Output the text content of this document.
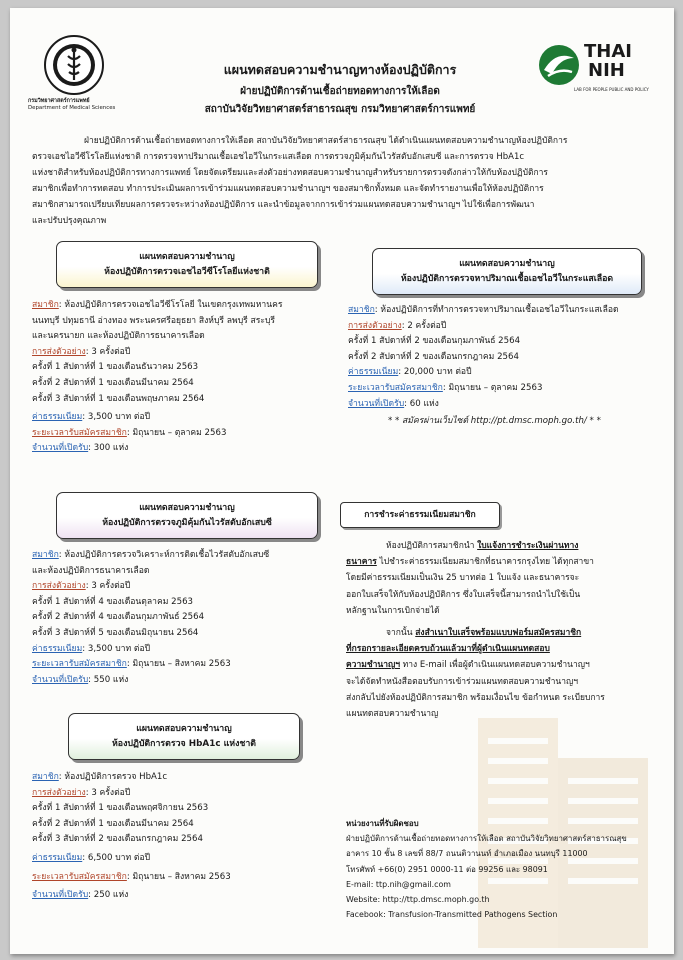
กรมวิทยาศาสตร์การแพทย์
Department of Medical Sciences
แผนทดสอบความชำนาญทางห้องปฏิบัติการ
ฝ่ายปฏิบัติการด้านเชื้อถ่ายทอดทางการให้เลือด
สถาบันวิจัยวิทยาศาสตร์สาธารณสุข กรมวิทยาศาสตร์การแพทย์
THAI
NIH
LAB FOR PEOPLE PUBLIC AND POLICY
ฝ่ายปฏิบัติการด้านเชื้อถ่ายทอดทางการให้เลือด สถาบันวิจัยวิทยาศาสตร์สาธารณสุข ได้ดำเนินแผนทดสอบความชำนาญห้องปฏิบัติการ
ตรวจเอชไอวีซีโรโลยีแห่งชาติ การตรวจหาปริมาณเชื้อเอชไอวีในกระแสเลือด การตรวจภูมิคุ้มกันไวรัสตับอักเสบซี และการตรวจ HbA1c
แห่งชาติสำหรับห้องปฏิบัติการทางการแพทย์ โดยจัดเตรียมและส่งตัวอย่างทดสอบความชำนาญสำหรับรายการตรวจดังกล่าวให้กับห้องปฏิบัติการ
สมาชิกเพื่อทำการทดสอบ ทำการประเมินผลการเข้าร่วมแผนทดสอบความชำนาญฯ ของสมาชิกทั้งหมด และจัดทำรายงานเพื่อให้ห้องปฏิบัติการ
สมาชิกสามารถเปรียบเทียบผลการตรวจระหว่างห้องปฏิบัติการ และนำข้อมูลจากการเข้าร่วมแผนทดสอบความชำนาญฯ ไปใช้เพื่อการพัฒนา
และปรับปรุงคุณภาพ
แผนทดสอบความชำนาญ
ห้องปฏิบัติการตรวจเอชไอวีซีโรโลยีแห่งชาติ
สมาชิก: ห้องปฏิบัติการตรวจเอชไอวีซีโรโลยี ในเขตกรุงเทพมหานคร
นนทบุรี ปทุมธานี อ่างทอง พระนครศรีอยุธยา สิงห์บุรี ลพบุรี สระบุรี
และนครนายก และห้องปฏิบัติการธนาคารเลือด
การส่งตัวอย่าง: 3 ครั้งต่อปี
ครั้งที่ 1 สัปดาห์ที่ 1 ของเดือนธันวาคม 2563
ครั้งที่ 2 สัปดาห์ที่ 1 ของเดือนมีนาคม 2564
ครั้งที่ 3 สัปดาห์ที่ 1 ของเดือนพฤษภาคม 2564
ค่าธรรมเนียม: 3,500 บาท ต่อปี
ระยะเวลารับสมัครสมาชิก: มิถุนายน – ตุลาคม 2563
จำนวนที่เปิดรับ: 300 แห่ง
แผนทดสอบความชำนาญ
ห้องปฏิบัติการตรวจหาปริมาณเชื้อเอชไอวีในกระแสเลือด
สมาชิก: ห้องปฏิบัติการที่ทำการตรวจหาปริมาณเชื้อเอชไอวีในกระแสเลือด
การส่งตัวอย่าง: 2 ครั้งต่อปี
ครั้งที่ 1 สัปดาห์ที่ 2 ของเดือนกุมภาพันธ์ 2564
ครั้งที่ 2 สัปดาห์ที่ 2 ของเดือนกรกฎาคม 2564
ค่าธรรมเนียม: 20,000 บาท ต่อปี
ระยะเวลารับสมัครสมาชิก: มิถุนายน – ตุลาคม 2563
จำนวนที่เปิดรับ: 60 แห่ง
* * สมัครผ่านเว็บไซต์ http://pt.dmsc.moph.go.th/ * *
แผนทดสอบความชำนาญ
ห้องปฏิบัติการตรวจภูมิคุ้มกันไวรัสตับอักเสบซี
สมาชิก: ห้องปฏิบัติการตรวจวิเคราะห์การติดเชื้อไวรัสตับอักเสบซี
และห้องปฏิบัติการธนาคารเลือด
การส่งตัวอย่าง: 3 ครั้งต่อปี
ครั้งที่ 1 สัปดาห์ที่ 4 ของเดือนตุลาคม 2563
ครั้งที่ 2 สัปดาห์ที่ 4 ของเดือนกุมภาพันธ์ 2564
ครั้งที่ 3 สัปดาห์ที่ 5 ของเดือนมิถุนายน 2564
ค่าธรรมเนียม: 3,500 บาท ต่อปี
ระยะเวลารับสมัครสมาชิก: มิถุนายน – สิงหาคม 2563
จำนวนที่เปิดรับ: 550 แห่ง
แผนทดสอบความชำนาญ
ห้องปฏิบัติการตรวจ HbA1c แห่งชาติ
สมาชิก: ห้องปฏิบัติการตรวจ HbA1c
การส่งตัวอย่าง: 3 ครั้งต่อปี
ครั้งที่ 1 สัปดาห์ที่ 1 ของเดือนพฤศจิกายน 2563
ครั้งที่ 2 สัปดาห์ที่ 1 ของเดือนมีนาคม 2564
ครั้งที่ 3 สัปดาห์ที่ 2 ของเดือนกรกฎาคม 2564
ค่าธรรมเนียม: 6,500 บาท ต่อปี
ระยะเวลารับสมัครสมาชิก: มิถุนายน – สิงหาคม 2563
จำนวนที่เปิดรับ: 250 แห่ง
การชำระค่าธรรมเนียมสมาชิก
ห้องปฏิบัติการสมาชิกนำ ใบแจ้งการชำระเงินผ่านทาง
ธนาคาร ไปชำระค่าธรรมเนียมสมาชิกที่ธนาคารกรุงไทย ได้ทุกสาขา
โดยมีค่าธรรมเนียมเป็นเงิน 25 บาทต่อ 1 ใบแจ้ง และธนาคารจะ
ออกใบเสร็จให้กับห้องปฏิบัติการ ซึ่งใบเสร็จนี้สามารถนำไปใช้เป็น
หลักฐานในการเบิกจ่ายได้
จากนั้น ส่งสำเนาใบเสร็จพร้อมแบบฟอร์มสมัครสมาชิก
ที่กรอกรายละเอียดครบถ้วนแล้วมาที่ผู้ดำเนินแผนทดสอบ
ความชำนาญฯ ทาง E-mail เพื่อผู้ดำเนินแผนทดสอบความชำนาญฯ
จะได้จัดทำหนังสือตอบรับการเข้าร่วมแผนทดสอบความชำนาญฯ
ส่งกลับไปยังห้องปฏิบัติการสมาชิก พร้อมเงื่อนไข ข้อกำหนด ระเบียบการ
แผนทดสอบความชำนาญ
หน่วยงานที่รับผิดชอบ
ฝ่ายปฏิบัติการด้านเชื้อถ่ายทอดทางการให้เลือด สถาบันวิจัยวิทยาศาสตร์สาธารณสุข
อาคาร 10 ชั้น 8 เลขที่ 88/7 ถนนติวานนท์ อำเภอเมือง นนทบุรี 11000
โทรศัพท์ +66(0) 2951 0000-11 ต่อ 99256 และ 98091
E-mail: ttp.nih@gmail.com
Website: http://ttp.dmsc.moph.go.th
Facebook: Transfusion-Transmitted Pathogens Section
